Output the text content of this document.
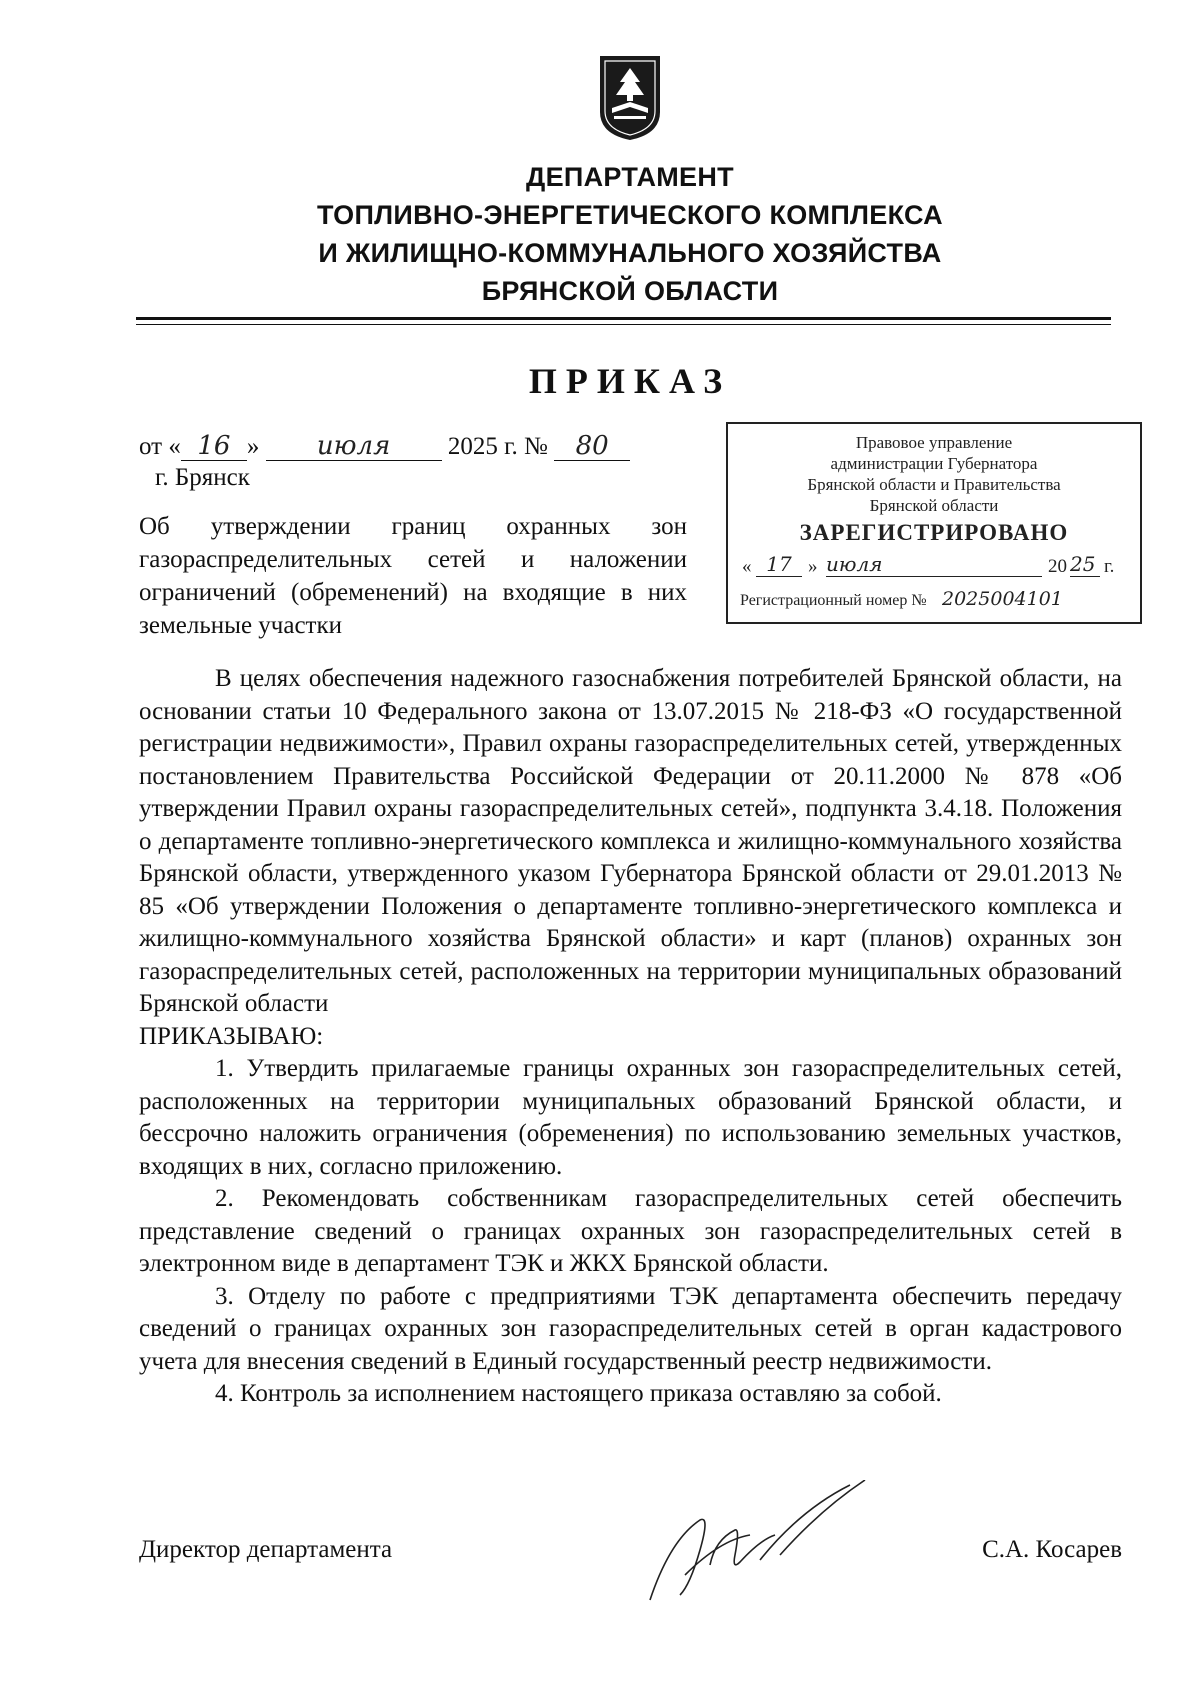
ДЕПАРТАМЕНТ
ТОПЛИВНО-ЭНЕРГЕТИЧЕСКОГО КОМПЛЕКСА
И ЖИЛИЩНО-КОММУНАЛЬНОГО ХОЗЯЙСТВА
БРЯНСКОЙ ОБЛАСТИ
ПРИКАЗ
от « 16 » июля 2025 г. № 80
г. Брянск
Об утверждении границ охранных зон газораспределительных сетей и наложении ограничений (обременений) на входящие в них земельные участки
Правовое управление
администрации Губернатора
Брянской области и Правительства
Брянской области
ЗАРЕГИСТРИРОВАНО
« 17 » июля	20 25 г.
Регистрационный номер № 2025004101

В целях обеспечения надежного газоснабжения потребителей Брянской области, на основании статьи 10 Федерального закона от 13.07.2015 № 218-ФЗ «О государственной регистрации недвижимости», Правил охраны газораспределительных сетей, утвержденных постановлением Правительства Российской Федерации от 20.11.2000 № 878 «Об утверждении Правил охраны газораспределительных сетей», подпункта 3.4.18. Положения о департаменте топливно-энергетического комплекса и жилищно-коммунального хозяйства Брянской области, утвержденного указом Губернатора Брянской области от 29.01.2013 № 85 «Об утверждении Положения о департаменте топливно-энергетического комплекса и жилищно-коммунального хозяйства Брянской области» и карт (планов) охранных зон газораспределительных сетей, расположенных на территории муниципальных образований Брянской области

ПРИКАЗЫВАЮ:

1. Утвердить прилагаемые границы охранных зон газораспределительных сетей, расположенных на территории муниципальных образований Брянской области, и бессрочно наложить ограничения (обременения) по использованию земельных участков, входящих в них, согласно приложению.

2. Рекомендовать собственникам газораспределительных сетей обеспечить представление сведений о границах охранных зон газораспределительных сетей в электронном виде в департамент ТЭК и ЖКХ Брянской области.

3. Отделу по работе с предприятиями ТЭК департамента обеспечить передачу сведений о границах охранных зон газораспределительных сетей в орган кадастрового учета для внесения сведений в Единый государственный реестр недвижимости.

4. Контроль за исполнением настоящего приказа оставляю за собой.

Директор департамента	С.А. Косарев
